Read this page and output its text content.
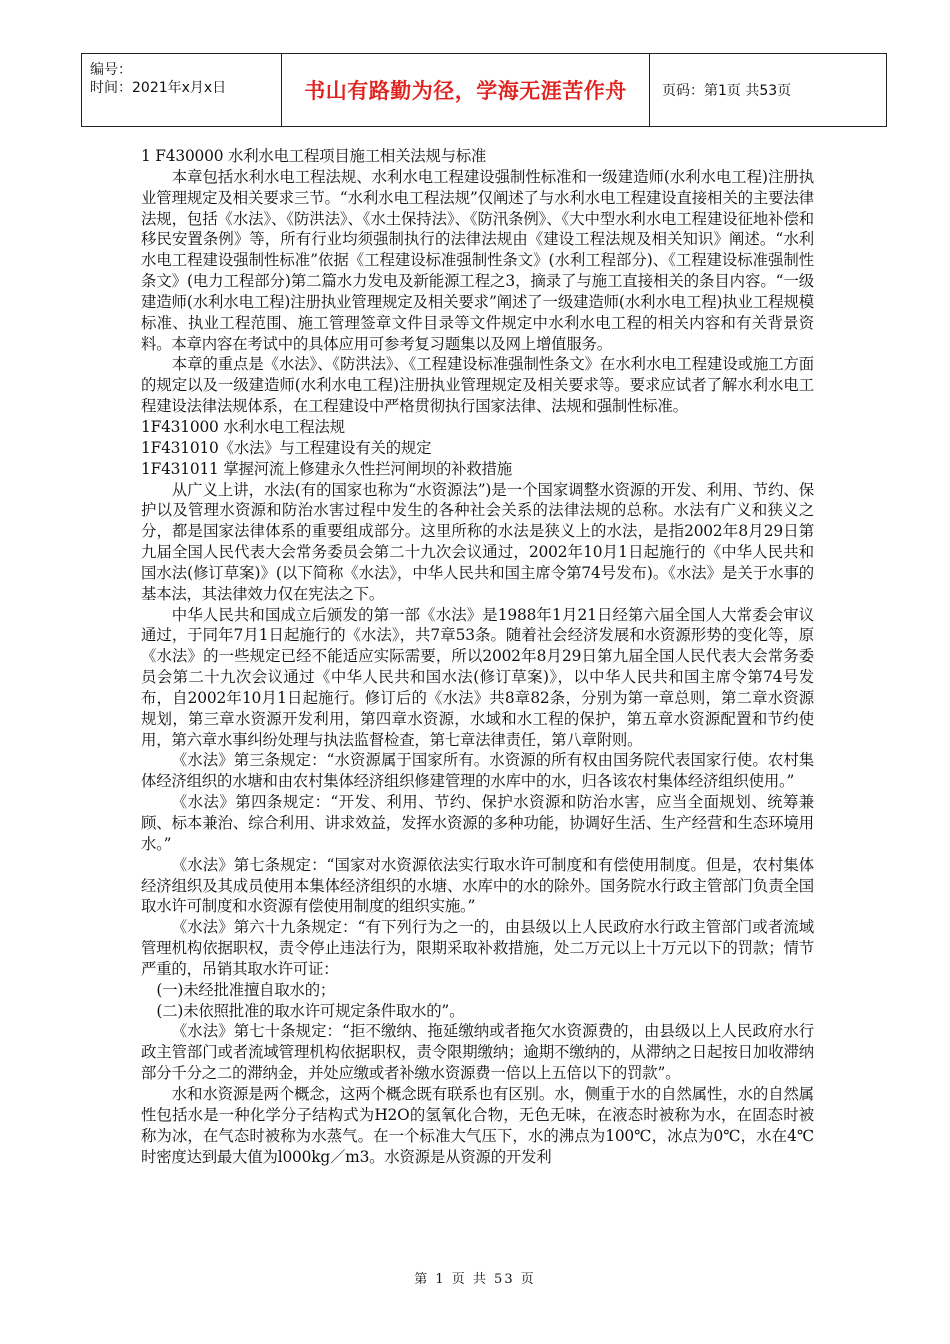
编号：
时间：2021年x月x日	书山有路勤为径，学海无涯苦作舟	页码：第1页 共53页

1 F430000 水利水电工程项目施工相关法规与标准

本章包括水利水电工程法规、水利水电工程建设强制性标准和一级建造师(水利水电工程)注册执业管理规定及相关要求三节。“水利水电工程法规”仅阐述了与水利水电工程建设直接相关的主要法律法规，包括《水法》、《防洪法》、《水土保持法》、《防汛条例》、《大中型水利水电工程建设征地补偿和移民安置条例》等，所有行业均须强制执行的法律法规由《建设工程法规及相关知识》阐述。“水利水电工程建设强制性标准”依据《工程建设标准强制性条文》(水利工程部分)、《工程建设标准强制性条文》(电力工程部分)第二篇水力发电及新能源工程之3，摘录了与施工直接相关的条目内容。“一级建造师(水利水电工程)注册执业管理规定及相关要求”阐述了一级建造师(水利水电工程)执业工程规模标准、执业工程范围、施工管理签章文件目录等文件规定中水利水电工程的相关内容和有关背景资料。本章内容在考试中的具体应用可参考复习题集以及网上增值服务。

本章的重点是《水法》、《防洪法》、《工程建设标准强制性条文》在水利水电工程建设或施工方面的规定以及一级建造师(水利水电工程)注册执业管理规定及相关要求等。要求应试者了解水利水电工程建设法律法规体系，在工程建设中严格贯彻执行国家法律、法规和强制性标准。

1F431000 水利水电工程法规

1F431010《水法》与工程建设有关的规定

1F431011 掌握河流上修建永久性拦河闸坝的补救措施

从广义上讲，水法(有的国家也称为“水资源法”)是一个国家调整水资源的开发、利用、节约、保护以及管理水资源和防治水害过程中发生的各种社会关系的法律法规的总称。水法有广义和狭义之分，都是国家法律体系的重要组成部分。这里所称的水法是狭义上的水法，是指2002年8月29日第九届全国人民代表大会常务委员会第二十九次会议通过，2002年10月1日起施行的《中华人民共和国水法(修订草案)》(以下简称《水法》，中华人民共和国主席令第74号发布)。《水法》是关于水事的基本法，其法律效力仅在宪法之下。

中华人民共和国成立后颁发的第一部《水法》是1988年1月21日经第六届全国人大常委会审议通过，于同年7月1日起施行的《水法》，共7章53条。随着社会经济发展和水资源形势的变化等，原《水法》的一些规定已经不能适应实际需要，所以2002年8月29日第九届全国人民代表大会常务委员会第二十九次会议通过《中华人民共和国水法(修订草案)》，以中华人民共和国主席令第74号发布，自2002年10月1日起施行。修订后的《水法》共8章82条，分别为第一章总则，第二章水资源规划，第三章水资源开发利用，第四章水资源，水域和水工程的保护，第五章水资源配置和节约使用，第六章水事纠纷处理与执法监督检查，第七章法律责任，第八章附则。

《水法》第三条规定：“水资源属于国家所有。水资源的所有权由国务院代表国家行使。农村集体经济组织的水塘和由农村集体经济组织修建管理的水库中的水，归各该农村集体经济组织使用。”

《水法》第四条规定：“开发、利用、节约、保护水资源和防治水害，应当全面规划、统筹兼顾、标本兼治、综合利用、讲求效益，发挥水资源的多种功能，协调好生活、生产经营和生态环境用水。”

《水法》第七条规定：“国家对水资源依法实行取水许可制度和有偿使用制度。但是，农村集体经济组织及其成员使用本集体经济组织的水塘、水库中的水的除外。国务院水行政主管部门负责全国取水许可制度和水资源有偿使用制度的组织实施。”

《水法》第六十九条规定：“有下列行为之一的，由县级以上人民政府水行政主管部门或者流域管理机构依据职权，责令停止违法行为，限期采取补救措施，处二万元以上十万元以下的罚款；情节严重的，吊销其取水许可证：

(一)未经批准擅自取水的；

(二)未依照批准的取水许可规定条件取水的”。

《水法》第七十条规定：“拒不缴纳、拖延缴纳或者拖欠水资源费的，由县级以上人民政府水行政主管部门或者流域管理机构依据职权，责令限期缴纳；逾期不缴纳的，从滞纳之日起按日加收滞纳部分千分之二的滞纳金，并处应缴或者补缴水资源费一倍以上五倍以下的罚款”。

水和水资源是两个概念，这两个概念既有联系也有区别。水，侧重于水的自然属性，水的自然属性包括水是一种化学分子结构式为H2O的氢氧化合物，无色无味，在液态时被称为水，在固态时被称为冰，在气态时被称为水蒸气。在一个标准大气压下，水的沸点为100℃，冰点为0℃，水在4℃时密度达到最大值为l000kg／m3。水资源是从资源的开发利

第 1 页 共 53 页
